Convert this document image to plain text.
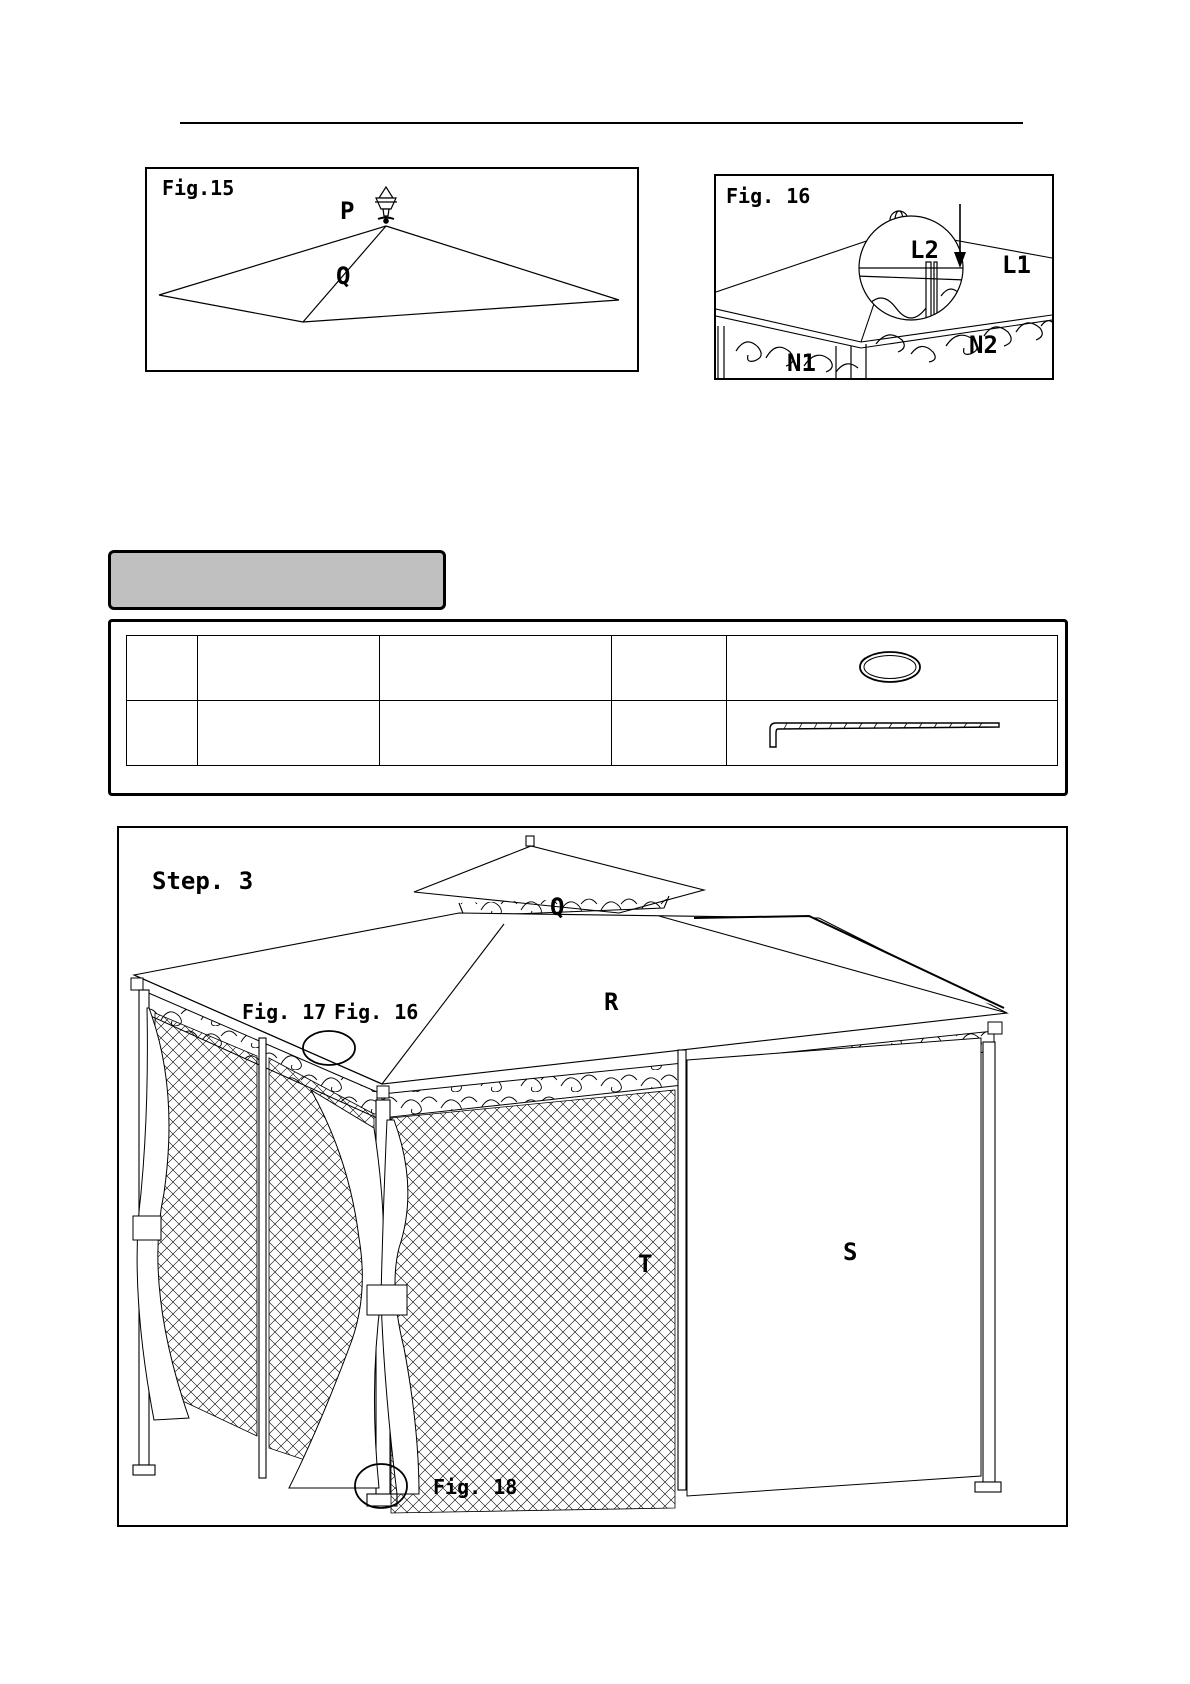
Fig.15
P
Q
Fig. 16
L2
L1
N1
N2

Step. 3
Q
R
T	S
Fig. 17 Fig. 16
Fig. 18
